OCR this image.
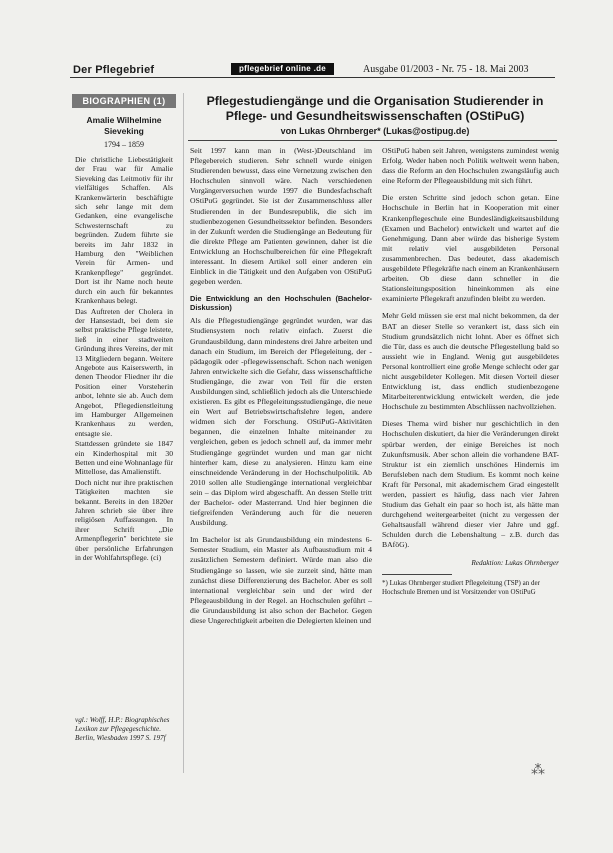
Der Pflegebrief	pflegebrief online .de	Ausgabe 01/2003 - Nr. 75 - 18. Mai 2003
BIOGRAPHIEN (1)
Amalie Wilhelmine Sieveking
1794 – 1859

Die christliche Liebestätigkeit der Frau war für Amalie Sieveking das Leitmotiv für ihr vielfältiges Schaffen. Als Krankenwärterin beschäftigte sich sehr lange mit dem Gedanken, eine evangelische Schwesternschaft zu begründen. Zudem führte sie bereits im Jahr 1832 in Hamburg den "Weiblichen Verein für Armen- und Krankenpflege" gegründet. Dort ist ihr Name noch heute durch ein auch für bekanntes Krankenhaus belegt.

Das Auftreten der Cholera in der Hansestadt, bei dem sie selbst praktische Pflege leistete, ließ in einer stadtweiten Gründung ihres Vereins, der mit 13 Mitgliedern begann. Weitere Angebote aus Kaiserswerth, in denen Theodor Fliedner ihr die Position einer Vorsteherin anbot, lehnte sie ab. Auch dem Angebot, Pflegedienstleitung im Hamburger Allgemeinen Krankenhaus zu werden, entsagte sie.

Stattdessen gründete sie 1847 ein Kinderhospital mit 30 Betten und eine Wohnanlage für Mittellose, das Amalienstift.

Doch nicht nur ihre praktischen Tätigkeiten machten sie bekannt. Bereits in den 1820er Jahren schrieb sie über ihre religiösen Auffassungen. In ihrer Schrift „Die Armenpflegerin" berichtete sie über persönliche Erfahrungen in der Wohlfahrtspflege. (ci)

vgl.: Wolff, H.P.: Biographisches Lexikon zur Pflegegeschichte. Berlin, Wiesbaden 1997 S. 197f
Pflegestudiengänge und die Organisation Studierender in Pflege- und Gesundheitswissenschaften (OStiPuG)
von Lukas Ohrnberger* (Lukas@ostipug.de)

Seit 1997 kann man in (West-)Deutschland im Pflegebereich studieren. Sehr schnell wurde einigen Studierenden bewusst, dass eine Vernetzung zwischen den Hochschulen sinnvoll wäre. Nach verschiedenen Vorgängerversuchen wurde 1997 die Bundesfachschaft OStiPuG gegründet. Sie ist der Zusammenschluss aller Studierenden in der Bundesrepublik, die sich im studienbezogenen Gesundheitssektor befinden. Besonders in der Zukunft werden die Studiengänge an Bedeutung für die direkte Pflege am Patienten gewinnen, daher ist die Entwicklung an Hochschulbereichen für eine Pflegekraft interessant. In diesem Artikel soll einer anderen ein Einblick in die Tätigkeit und den Aufgaben von OStiPuG gegeben werden.

Die Entwicklung an den Hochschulen (Bachelor-Diskussion)

Als die Pflegestudiengänge gegründet wurden, war das Studiensystem noch relativ einfach. Zuerst die Grundausbildung, dann mindestens drei Jahre arbeiten und danach ein Studium, im Bereich der Pflegeleitung, der -pädagogik oder -pflegewissenschaft. Schon nach wenigen Jahren entwickelte sich die Gefahr, dass wissenschaftliche Studiengänge, die zwar von Teil für die ersten Ausbildungen sind, schließlich jedoch als die Unterschiede existieren. Es gibt es Pflegeleitungsstudiengänge, die neue ein Wert auf Betriebswirtschaftslehre legen, andere widmen sich der Forschung. OStiPuG-Aktivitäten begannen, die einzelnen Inhalte miteinander zu vergleichen, geben es jedoch schnell auf, da immer mehr Studiengänge gegründet wurden und man gar nicht hinterher kam, diese zu analysieren. Hinzu kam eine einschneidende Veränderung in der Hochschulpolitik. Ab 2010 sollen alle Studiengänge international vergleichbar sein – das Diplom wird abgeschafft. An dessen Stelle tritt der Bachelor- oder Masterrand. Und hier beginnen die tiefgreifenden Veränderung auch für die neueren Ausbildung.

Im Bachelor ist als Grundausbildung ein mindestens 6-Semester Studium, ein Master als Aufbaustudium mit 4 zusätzlichen Semestern definiert. Würde man also die Studiengänge so lassen, wie sie zurzeit sind, hätte man zunächst diese Differenzierung des Bachelor. Aber es soll international vergleichbar sein und der wird der Pflegeausbildung in der Regel. an Hochschulen geführt – die Grundausbildung ist also schon der Bachelor. Gegen diese Ungerechtigkeit arbeiten die Delegierten kleinen und

OStiPuG haben seit Jahren, wenigstens zumindest wenig Erfolg. Weder haben noch Politik weltweit wenn haben, dass die Reform an den Hochschulen zwangsläufig auch eine Reform der Pflegeausbildung mit sich führt.

Die ersten Schritte sind jedoch schon getan. Eine Hochschule in Berlin hat in Kooperation mit einer Krankenpflegeschule eine Bundesländigkeitsausbildung (Examen und Bachelor) entwickelt und wartet auf die Genehmigung. Dann aber würde das bisherige System mit relativ viel ausgebildeten Personal zusammenbrechen. Das bedeutet, dass akademisch ausgebildete Pflegekräfte nach einem an Krankenhäusern arbeiten. Ob diese dann schneller in die Stationsleitungsposition hineinkommen als eine examinierte Pflegekraft anzufinden bleibt zu werden.

Mehr Geld müssen sie erst mal nicht bekommen, da der BAT an dieser Stelle so verankert ist, dass sich ein Studium grundsätzlich nicht lohnt. Aber es öffnet sich die Tür, dass es auch die deutsche Pflegestellung bald so aussieht wie in England. Wenig gut ausgebildetes Personal kontrolliert eine große Menge schlecht oder gar nicht ausgebildeter Kollegen. Mit diesen Vorteil dieser Entwicklung ist, dass endlich studienbezogene Mitarbeiterentwicklung entwickelt werden, die jede Hochschule zu bestimmten Abschlüssen nachvollziehen.

Dieses Thema wird bisher nur geschichtlich in den Hochschulen diskutiert, da hier die Veränderungen direkt spürbar werden, der einige Bereiches ist noch Zukunftsmusik. Aber schon allein die vorhandene BAT-Struktur ist ein ziemlich unschönes Hindernis im Berufsleben nach dem Studium. Es kommt noch keine Kraft für Personal, mit akademischem Grad eingestellt werden, passiert es häufig, dass nach vier Jahren Studium das Gehalt ein paar so hoch ist, als hätte man durchgehend weitergearbeitet (nicht zu vergessen der Gehaltsausfall während dieser vier Jahre und ggf. Schulden durch die Lebenshaltung – z.B. durch das BAföG).

Redaktion: Lukas Ohrnberger
*) Lukas Ohrnberger studiert Pflegeleitung (TSP) an der Hochschule Bremen und ist Vorsitzender von OStiPuG
⁂
